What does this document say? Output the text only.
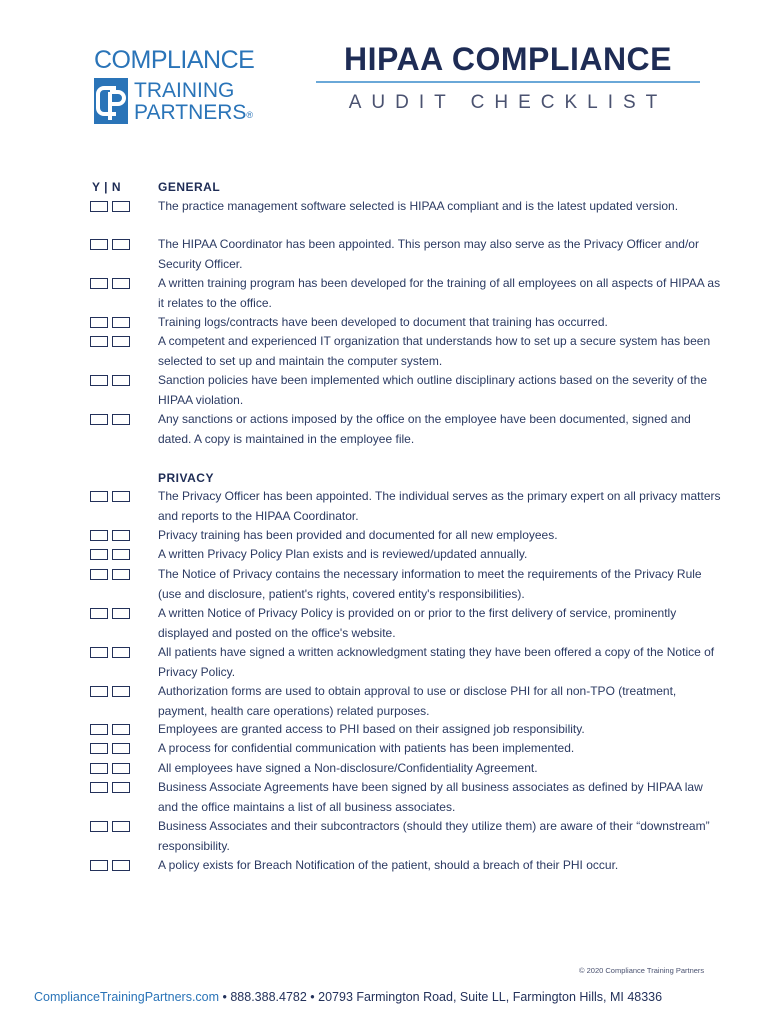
COMPLIANCE
TRAINING
PARTNERS®
HIPAA COMPLIANCE
AUDIT CHECKLIST
Y | N	GENERAL
The practice management software selected is HIPAA compliant and is the latest updated version.
The HIPAA Coordinator has been appointed. This person may also serve as the Privacy Officer and/or Security Officer.
A written training program has been developed for the training of all employees on all aspects of HIPAA as it relates to the office.
Training logs/contracts have been developed to document that training has occurred.
A competent and experienced IT organization that understands how to set up a secure system has been selected to set up and maintain the computer system.
Sanction policies have been implemented which outline disciplinary actions based on the severity of the HIPAA violation.
Any sanctions or actions imposed by the office on the employee have been documented, signed and dated. A copy is maintained in the employee file.
PRIVACY
The Privacy Officer has been appointed. The individual serves as the primary expert on all privacy matters and reports to the HIPAA Coordinator.
Privacy training has been provided and documented for all new employees.
A written Privacy Policy Plan exists and is reviewed/updated annually.
The Notice of Privacy contains the necessary information to meet the requirements of the Privacy Rule (use and disclosure, patient's rights, covered entity's responsibilities).
A written Notice of Privacy Policy is provided on or prior to the first delivery of service, prominently displayed and posted on the office's website.
All patients have signed a written acknowledgment stating they have been offered a copy of the Notice of Privacy Policy.
Authorization forms are used to obtain approval to use or disclose PHI for all non-TPO (treatment, payment, health care operations) related purposes.
Employees are granted access to PHI based on their assigned job responsibility.
A process for confidential communication with patients has been implemented.
All employees have signed a Non-disclosure/Confidentiality Agreement.
Business Associate Agreements have been signed by all business associates as defined by HIPAA law and the office maintains a list of all business associates.
Business Associates and their subcontractors (should they utilize them) are aware of their “downstream” responsibility.
A policy exists for Breach Notification of the patient, should a breach of their PHI occur.
© 2020 Compliance Training Partners
ComplianceTrainingPartners.com • 888.388.4782 • 20793 Farmington Road, Suite LL, Farmington Hills, MI 48336
